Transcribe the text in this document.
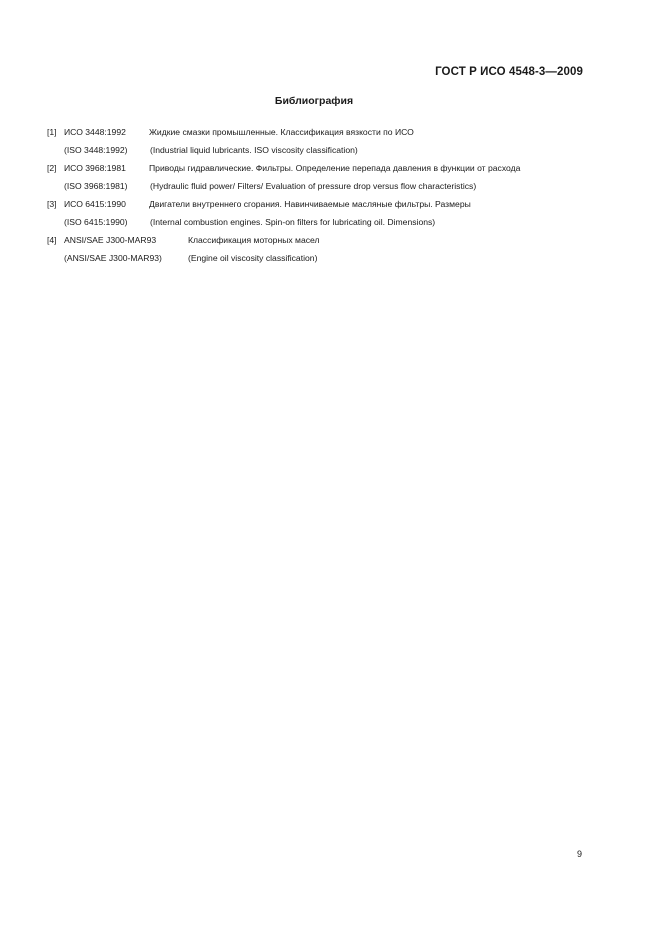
ГОСТ Р ИСО 4548-3—2009
Библиография
[1] ИСО 3448:1992	Жидкие смазки промышленные. Классификация вязкости по ИСО
(ISO 3448:1992)	(Industrial liquid lubricants. ISO viscosity classification)
[2] ИСО 3968:1981	Приводы гидравлические. Фильтры. Определение перепада давления в функции от расхода
(ISO 3968:1981)	(Hydraulic fluid power/ Filters/ Evaluation of pressure drop versus flow characteristics)
[3] ИСО 6415:1990	Двигатели внутреннего сгорания. Навинчиваемые масляные фильтры. Размеры
(ISO 6415:1990)	(Internal combustion engines. Spin-on filters for lubricating oil. Dimensions)
[4] ANSI/SAE J300-MAR93	Классификация моторных масел
(ANSI/SAE J300-MAR93)	(Engine oil viscosity classification)
9
